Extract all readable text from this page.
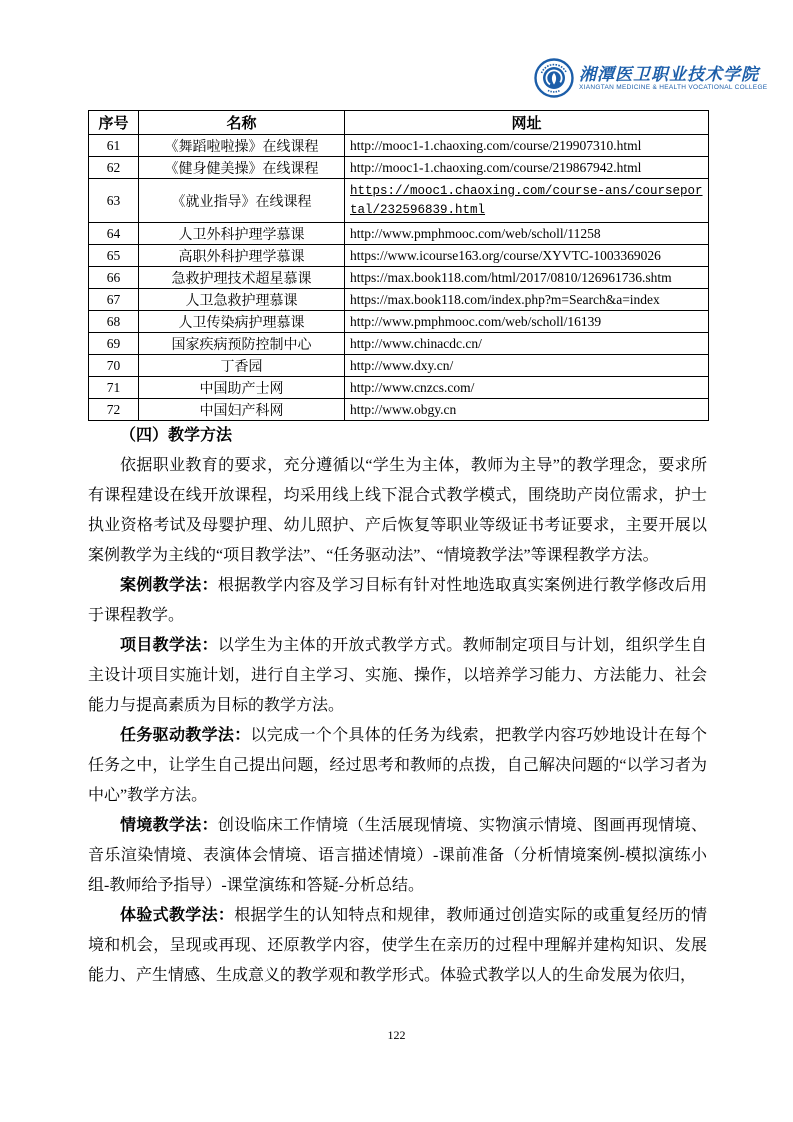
湘潭医卫职业技术学院
XIANGTAN MEDICINE & HEALTH VOCATIONAL COLLEGE
序号	名称	网址
61	《舞蹈啦啦操》在线课程	http://mooc1-1.chaoxing.com/course/219907310.html
62	《健身健美操》在线课程	http://mooc1-1.chaoxing.com/course/219867942.html
63	《就业指导》在线课程	https://mooc1.chaoxing.com/course-ans/courseportal/232596839.html
64	人卫外科护理学慕课	http://www.pmphmooc.com/web/scholl/11258
65	高职外科护理学慕课	https://www.icourse163.org/course/XYVTC-1003369026
66	急救护理技术超星慕课	https://max.book118.com/html/2017/0810/126961736.shtm
67	人卫急救护理慕课	https://max.book118.com/index.php?m=Search&a=index
68	人卫传染病护理慕课	http://www.pmphmooc.com/web/scholl/16139
69	国家疾病预防控制中心	http://www.chinacdc.cn/
70	丁香园	http://www.dxy.cn/
71	中国助产士网	http://www.cnzcs.com/
72	中国妇产科网	http://www.obgy.cn

（四）教学方法

依据职业教育的要求，充分遵循以“学生为主体，教师为主导”的教学理念，要求所有课程建设在线开放课程，均采用线上线下混合式教学模式，围绕助产岗位需求，护士执业资格考试及母婴护理、幼儿照护、产后恢复等职业等级证书考证要求，主要开展以案例教学为主线的“项目教学法”、“任务驱动法”、“情境教学法”等课程教学方法。

案例教学法：根据教学内容及学习目标有针对性地选取真实案例进行教学修改后用于课程教学。

项目教学法：以学生为主体的开放式教学方式。教师制定项目与计划，组织学生自主设计项目实施计划，进行自主学习、实施、操作，以培养学习能力、方法能力、社会能力与提高素质为目标的教学方法。

任务驱动教学法：以完成一个个具体的任务为线索，把教学内容巧妙地设计在每个任务之中，让学生自己提出问题，经过思考和教师的点拨，自己解决问题的“以学习者为中心”教学方法。

情境教学法：创设临床工作情境（生活展现情境、实物演示情境、图画再现情境、音乐渲染情境、表演体会情境、语言描述情境）-课前准备（分析情境案例-模拟演练小组-教师给予指导）-课堂演练和答疑-分析总结。

体验式教学法：根据学生的认知特点和规律，教师通过创造实际的或重复经历的情境和机会，呈现或再现、还原教学内容，使学生在亲历的过程中理解并建构知识、发展能力、产生情感、生成意义的教学观和教学形式。体验式教学以人的生命发展为依归，

122
